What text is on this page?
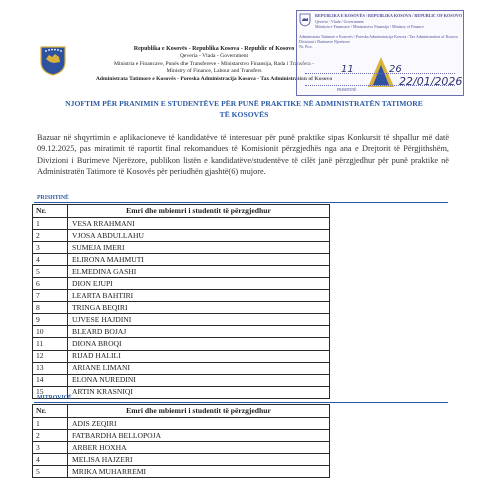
Republika e Kosovës - Republika Kosova - Republic of Kosovo
Qeveria - Vlada - Government
Ministria e Financave, Punës dhe Transfereve - Ministarstvo Finansija, Rada i Transfera -
Ministry of Finance, Labour and Transfers
Administrata Tatimore e Kosovës - Poreska Administracija Kosova - Tax Administration of Kosovo
REPUBLIKA E KOSOVËS / REPUBLIKA KOSOVA / REPUBLIC OF KOSOVO
Qeveria - Vlada / Government
Ministria e Financave / Ministarstvo Finansija / Ministry of Finance
Administrata Tatimore e Kosovës / Poreska Administracija Kosova / Tax Administration of Kosovo
Divizioni i Burimeve Njerëzore
Nr. Prot.
11	26
22/01/2026
PRISHTINË
NJOFTIM PËR PRANIMIN E STUDENTËVE PËR PUNË PRAKTIKE NË ADMINISTRATËN TATIMORE
TË KOSOVËS
Bazuar në shqyrtimin e aplikacioneve të kandidatëve të interesuar për punë praktike sipas Konkursit të shpallur më datë 09.12.2025, pas miratimit të raportit final rekomandues të Komisionit përzgjedhës nga ana e Drejtorit të Përgjithshëm, Divizioni i Burimeve Njerëzore, publikon listën e kandidatëve/studentëve të cilët janë përzgjedhur për punë praktike në Administratën Tatimore të Kosovës për periudhën gjashtë(6) mujore.
PRISHTINË
Nr.	Emri dhe mbiemri i studentit të përzgjedhur
1	VESA RRAHMANI
2	VJOSA ABDULLAHU
3	SUMEJA IMERI
4	ELIRONA MAHMUTI
5	ELMEDINA GASHI
6	DION EJUPI
7	LEARTA BAHTIRI
8	TRINGA BEQIRI
9	UJVESE HAJDINI
10	BLEARD BOJAJ
11	DIONA BROQI
12	RIJAD HALILI
13	ARIANE LIMANI
14	ELONA NUREDINI
15	ARTIN KRASNIQI
MITROVICË
Nr.	Emri dhe mbiemri i studentit të përzgjedhur
1	ADIS ZEQIRI
2	FATBARDHA BELLOPOJA
3	ARBER HOXHA
4	MELISA HAJZERI
5	MRIKA MUHARREMI
